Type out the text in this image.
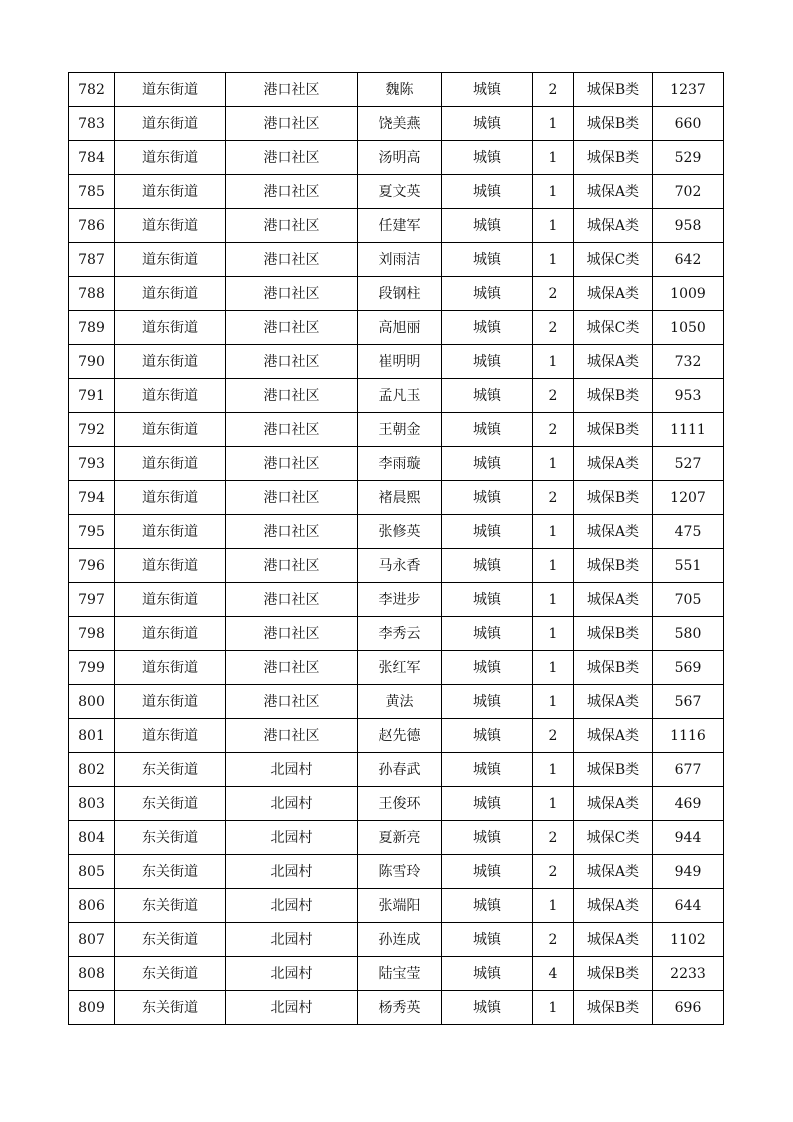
782	道东街道	港口社区	魏陈	城镇	2	城保B类	1237
783	道东街道	港口社区	饶美燕	城镇	1	城保B类	660
784	道东街道	港口社区	汤明高	城镇	1	城保B类	529
785	道东街道	港口社区	夏文英	城镇	1	城保A类	702
786	道东街道	港口社区	任建军	城镇	1	城保A类	958
787	道东街道	港口社区	刘雨洁	城镇	1	城保C类	642
788	道东街道	港口社区	段钢柱	城镇	2	城保A类	1009
789	道东街道	港口社区	高旭丽	城镇	2	城保C类	1050
790	道东街道	港口社区	崔明明	城镇	1	城保A类	732
791	道东街道	港口社区	孟凡玉	城镇	2	城保B类	953
792	道东街道	港口社区	王朝金	城镇	2	城保B类	1111
793	道东街道	港口社区	李雨璇	城镇	1	城保A类	527
794	道东街道	港口社区	褚晨熙	城镇	2	城保B类	1207
795	道东街道	港口社区	张修英	城镇	1	城保A类	475
796	道东街道	港口社区	马永香	城镇	1	城保B类	551
797	道东街道	港口社区	李进步	城镇	1	城保A类	705
798	道东街道	港口社区	李秀云	城镇	1	城保B类	580
799	道东街道	港口社区	张红军	城镇	1	城保B类	569
800	道东街道	港口社区	黄法	城镇	1	城保A类	567
801	道东街道	港口社区	赵先德	城镇	2	城保A类	1116
802	东关街道	北园村	孙春武	城镇	1	城保B类	677
803	东关街道	北园村	王俊环	城镇	1	城保A类	469
804	东关街道	北园村	夏新亮	城镇	2	城保C类	944
805	东关街道	北园村	陈雪玲	城镇	2	城保A类	949
806	东关街道	北园村	张端阳	城镇	1	城保A类	644
807	东关街道	北园村	孙连成	城镇	2	城保A类	1102
808	东关街道	北园村	陆宝莹	城镇	4	城保B类	2233
809	东关街道	北园村	杨秀英	城镇	1	城保B类	696
